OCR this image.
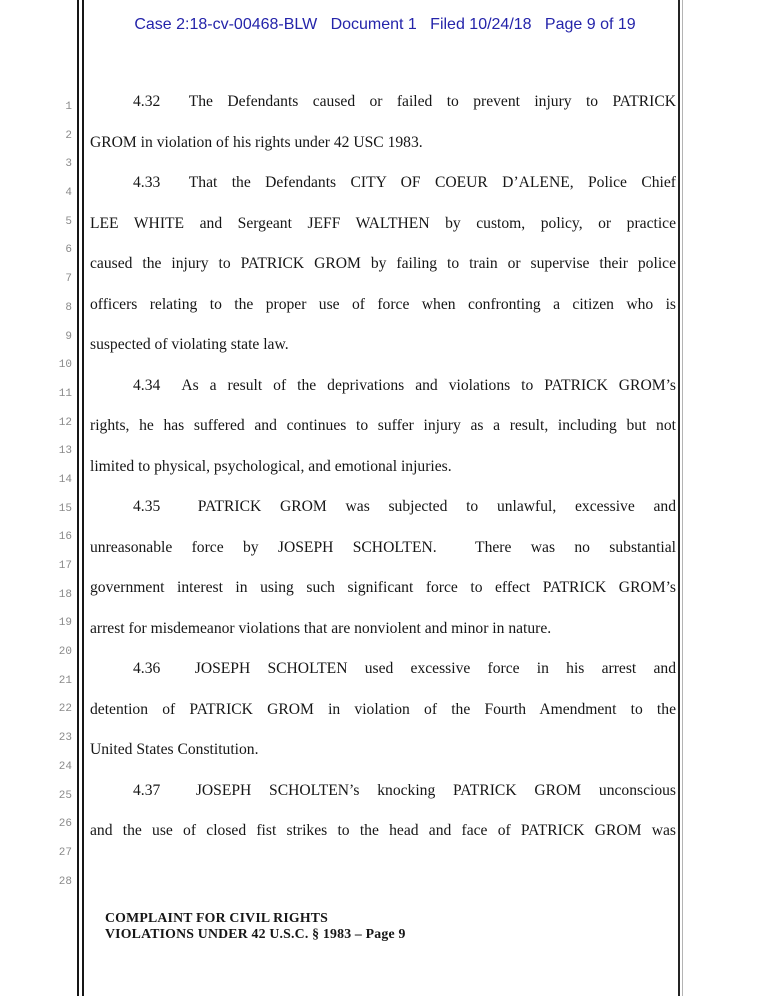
Case 2:18-cv-00468-BLW   Document 1   Filed 10/24/18   Page 9 of 19
1
2
3
4
5
6
7
8
9
10
11
12
13
14
15
16
17
18
19
20
21
22
23
24
25
26
27
28
4.32  The Defendants caused or failed to prevent injury to PATRICK
GROM in violation of his rights under 42 USC 1983.
4.33  That the Defendants CITY OF COEUR D’ALENE, Police Chief
LEE WHITE and Sergeant JEFF WALTHEN by custom, policy, or practice
caused the injury to PATRICK GROM by failing to train or supervise their police
officers relating to the proper use of force when confronting a citizen who is
suspected of violating state law.
4.34  As a result of the deprivations and violations to PATRICK GROM’s
rights, he has suffered and continues to suffer injury as a result, including but not
limited to physical, psychological, and emotional injuries.
4.35  PATRICK GROM was subjected to unlawful, excessive and
unreasonable force by JOSEPH SCHOLTEN.  There was no substantial
government interest in using such significant force to effect PATRICK GROM’s
arrest for misdemeanor violations that are nonviolent and minor in nature.
4.36  JOSEPH SCHOLTEN used excessive force in his arrest and
detention of PATRICK GROM in violation of the Fourth Amendment to the
United States Constitution.
4.37  JOSEPH SCHOLTEN’s knocking PATRICK GROM unconscious
and the use of closed fist strikes to the head and face of PATRICK GROM was
COMPLAINT FOR CIVIL RIGHTS
VIOLATIONS UNDER 42 U.S.C. § 1983 – Page 9
